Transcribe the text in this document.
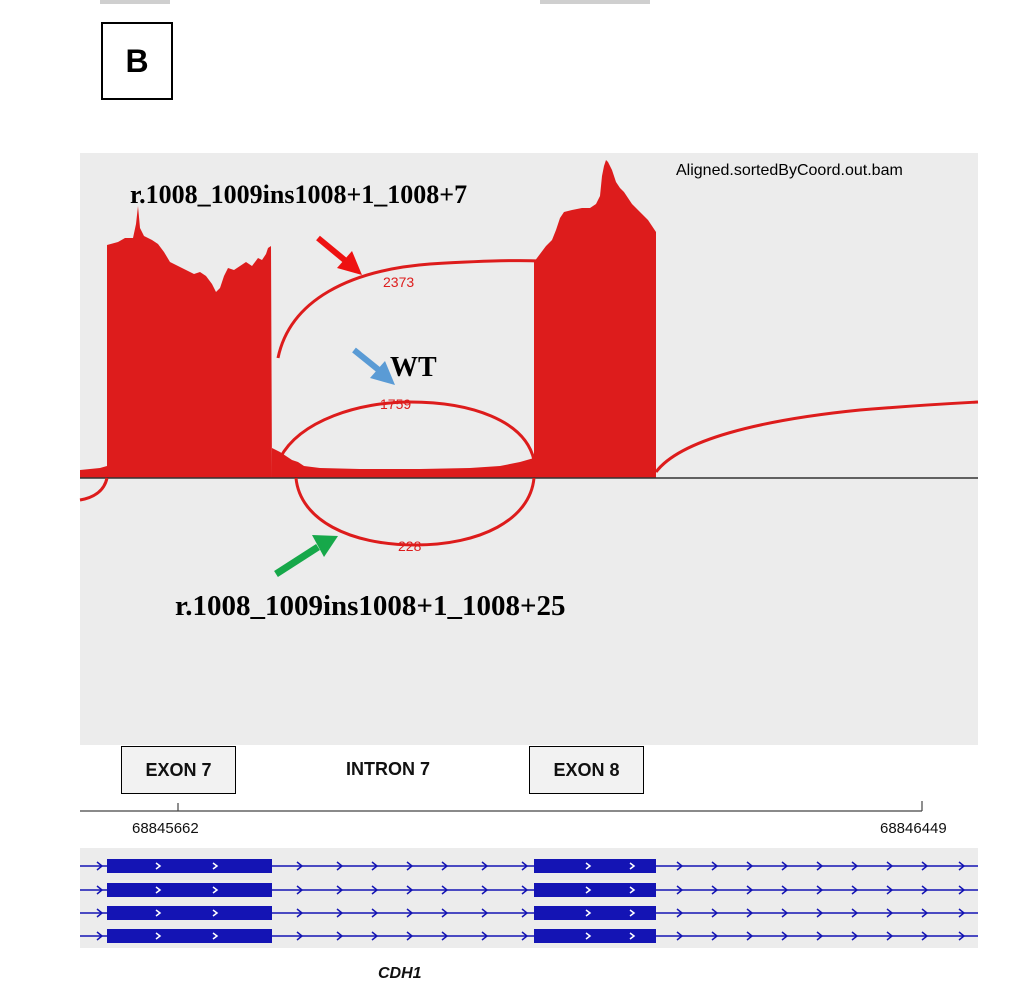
B
2373
1759
228
Aligned.sortedByCoord.out.bam
r.1008_1009ins1008+1_1008+7
WT
r.1008_1009ins1008+1_1008+25
EXON 7	INTRON 7	EXON 8
68845662	68846449
CDH1
